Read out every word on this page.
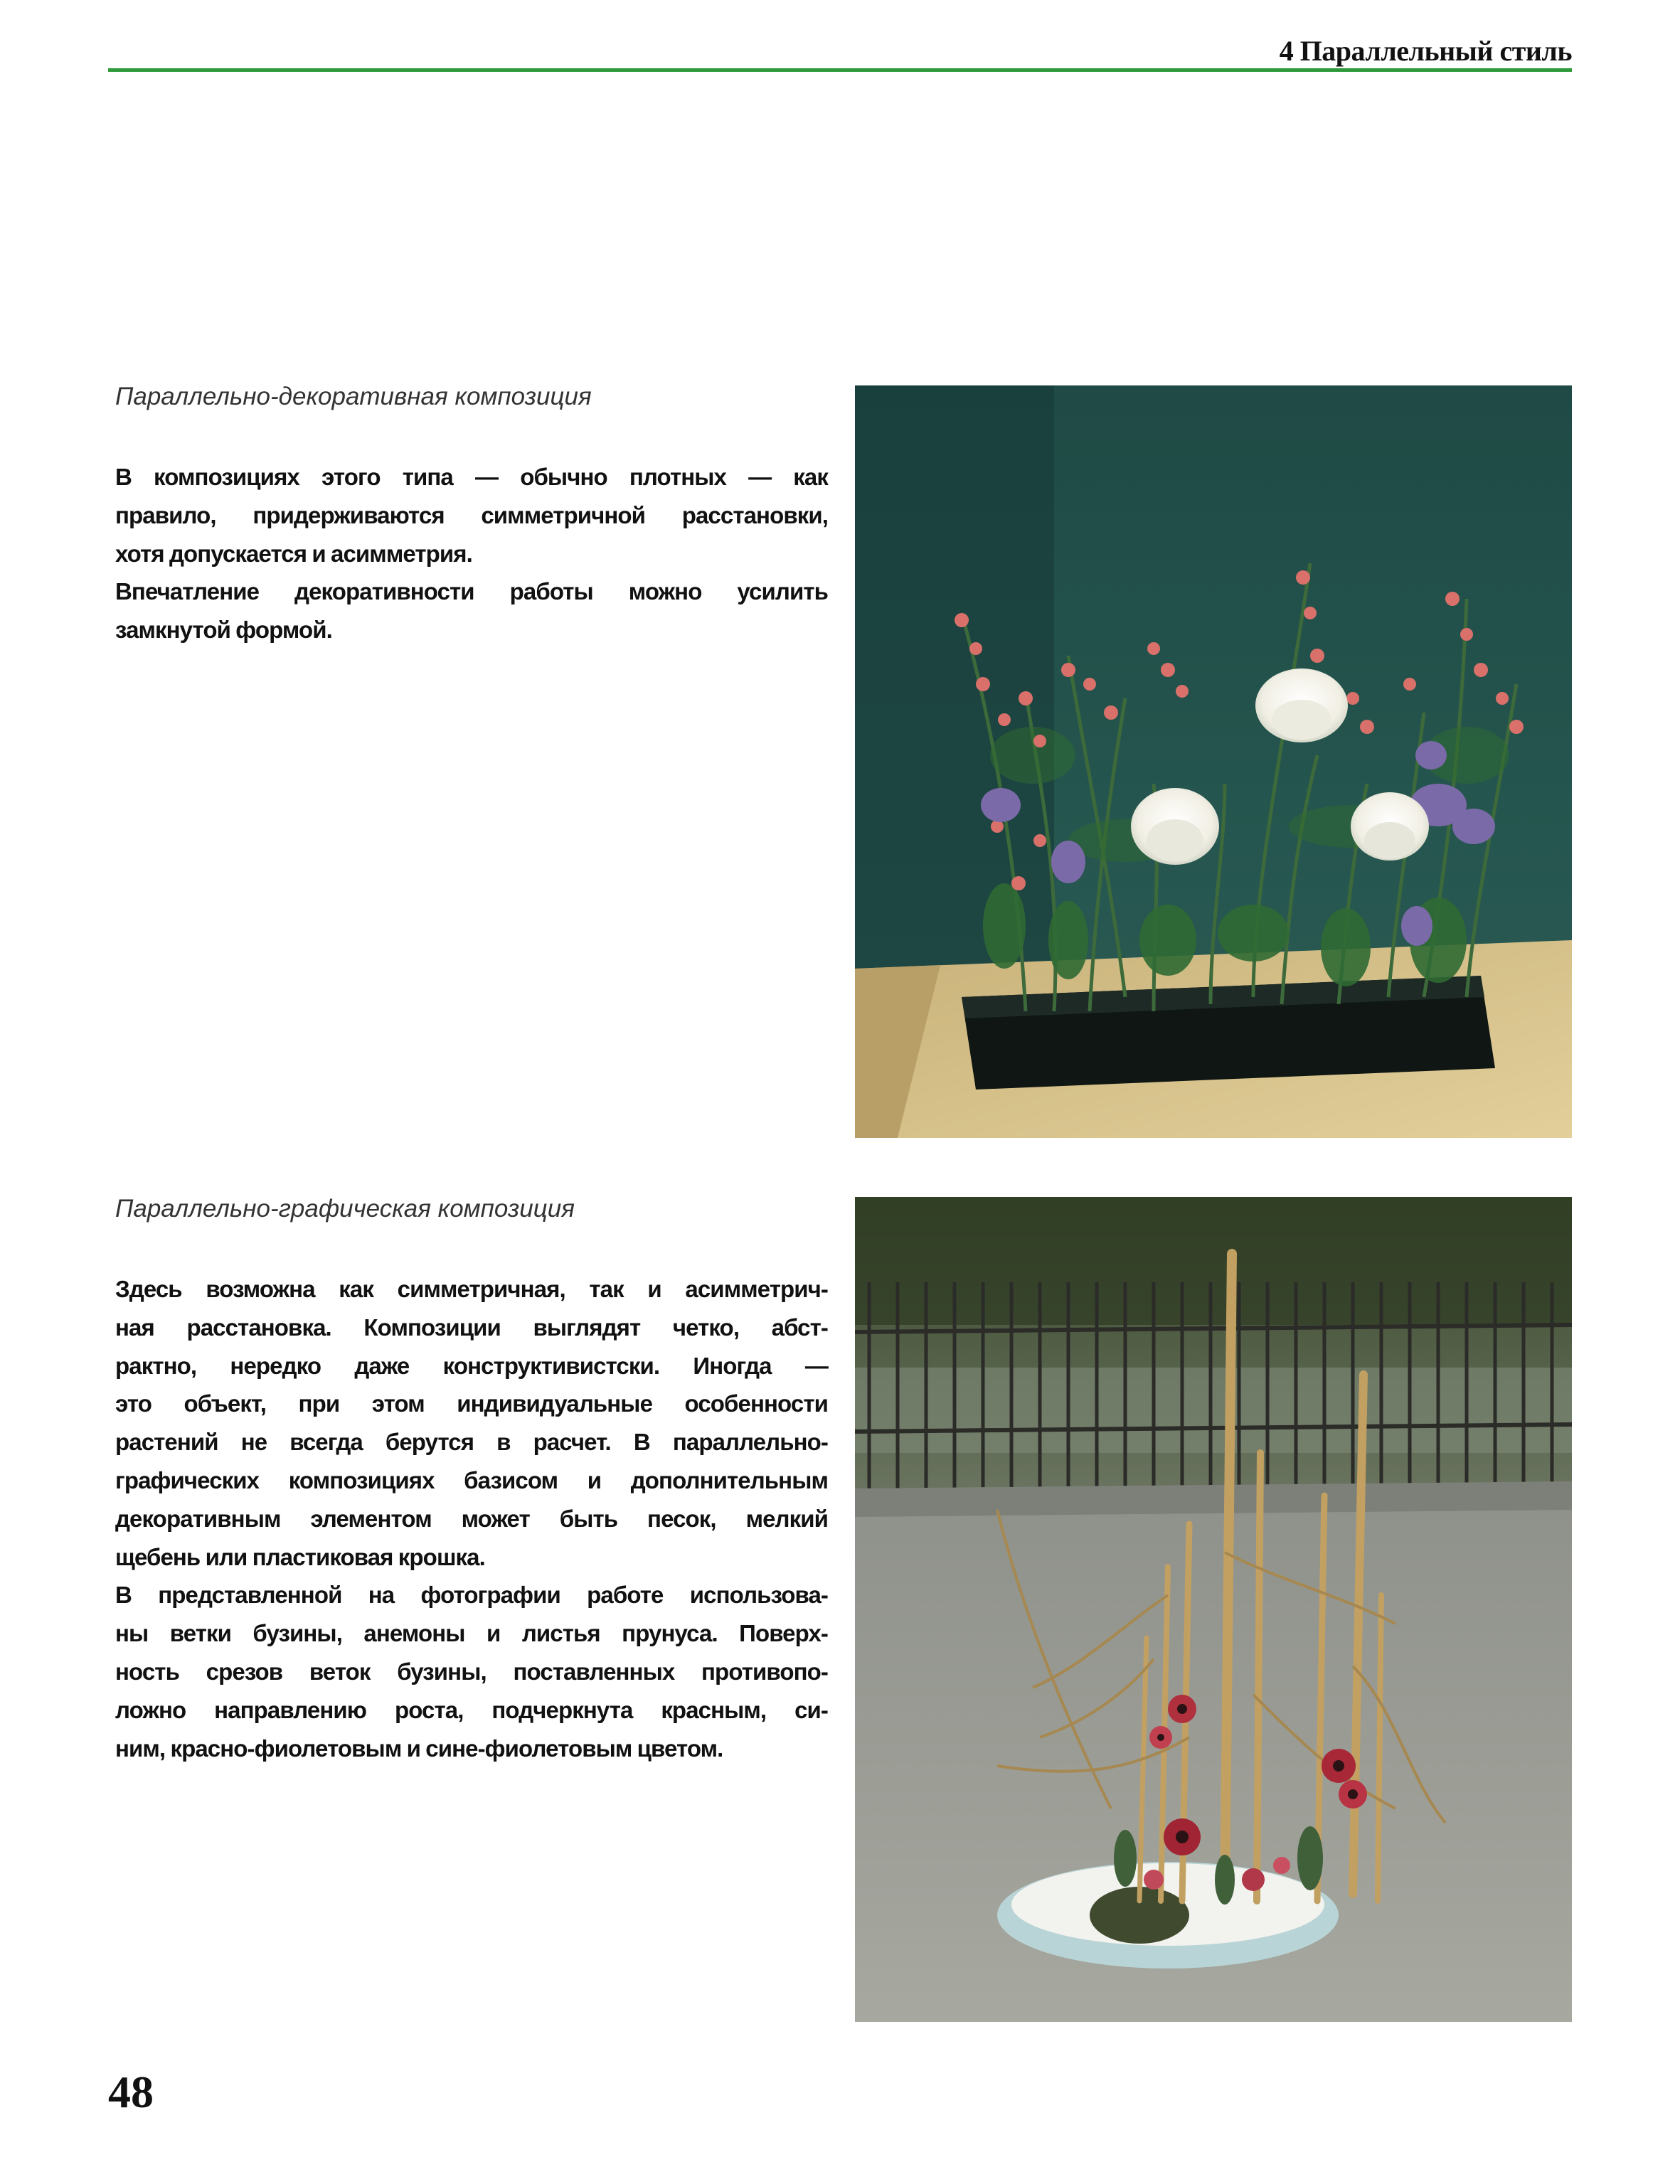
4 Параллельный стиль
Параллельно-декоративная композиция
В композициях этого типа — обычно плотных — как
правило, придерживаются симметричной расстановки,
хотя допускается и асимметрия.
Впечатление декоративности работы можно усилить
замкнутой формой.
Параллельно-графическая композиция
Здесь возможна как симметричная, так и асимметрич-
ная расстановка. Композиции выглядят четко, абст-
рактно, нередко даже конструктивистски. Иногда —
это объект, при этом индивидуальные особенности
растений не всегда берутся в расчет. В параллельно-
графических композициях базисом и дополнительным
декоративным элементом может быть песок, мелкий
щебень или пластиковая крошка.
В представленной на фотографии работе использова-
ны ветки бузины, анемоны и листья прунуса. Поверх-
ность срезов веток бузины, поставленных противопо-
ложно направлению роста, подчеркнута красным, си-
ним, красно-фиолетовым и сине-фиолетовым цветом.
48
